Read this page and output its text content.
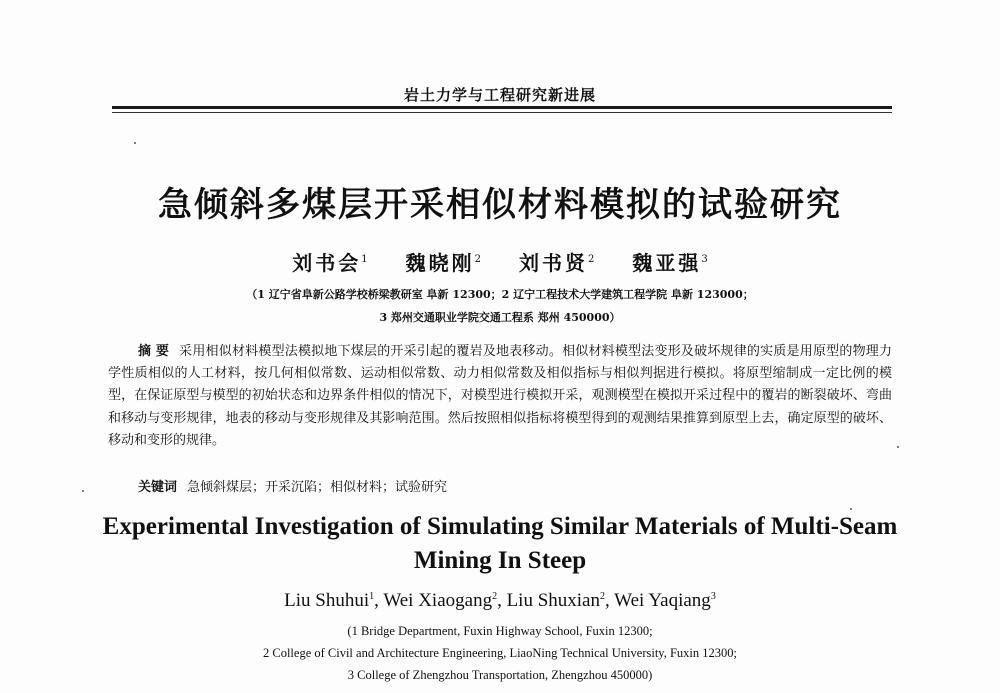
岩土力学与工程研究新进展
急倾斜多煤层开采相似材料模拟的试验研究
刘书会$^1$ 魏晓刚$^2$ 刘书贤$^2$ 魏亚强$^3$
（1 辽宁省阜新公路学校桥梁教研室 阜新 12300；2 辽宁工程技术大学建筑工程学院 阜新 123000；
3 郑州交通职业学院交通工程系 郑州 450000）
摘 要 采用相似材料模型法模拟地下煤层的开采引起的覆岩及地表移动。相似材料模型法变形及破坏规律的实质是用原型的物理力学性质相似的人工材料，按几何相似常数、运动相似常数、动力相似常数及相似指标与相似判据进行模拟。将原型缩制成一定比例的模型，在保证原型与模型的初始状态和边界条件相似的情况下，对模型进行模拟开采，观测模型在模拟开采过程中的覆岩的断裂破坏、弯曲和移动与变形规律，地表的移动与变形规律及其影响范围。然后按照相似指标将模型得到的观测结果推算到原型上去，确定原型的破坏、移动和变形的规律。
关键词 急倾斜煤层；开采沉陷；相似材料；试验研究
Experimental Investigation of Simulating Similar Materials of Multi-Seam Mining In Steep
Liu Shuhui$^1$, Wei Xiaogang$^2$, Liu Shuxian$^2$, Wei Yaqiang$^3$
(1 Bridge Department, Fuxin Highway School, Fuxin 12300;
2 College of Civil and Architecture Engineering, LiaoNing Technical University, Fuxin 12300;
3 College of Zhengzhou Transportation, Zhengzhou 450000)
